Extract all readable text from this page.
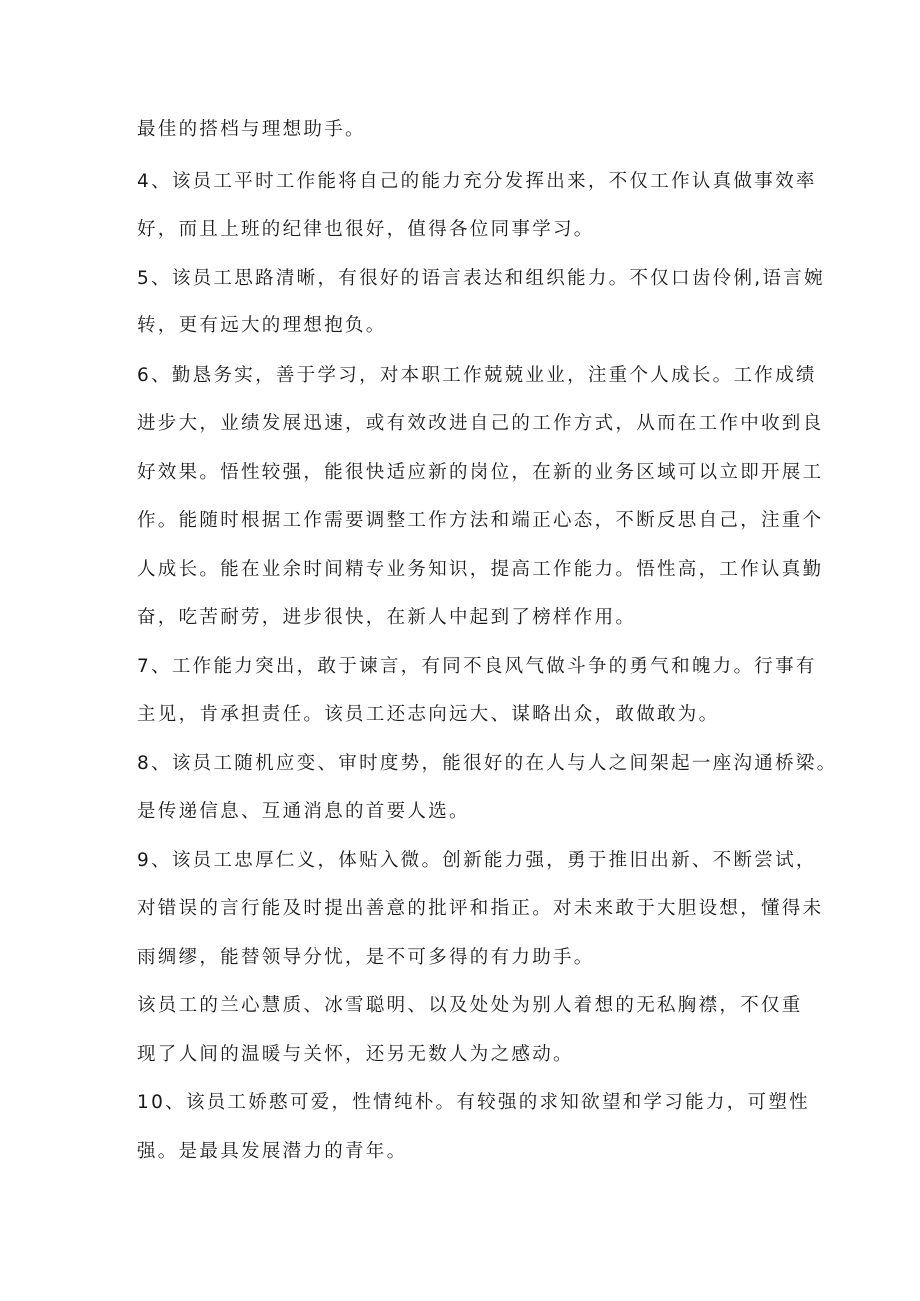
最佳的搭档与理想助手。
4、该员工平时工作能将自己的能力充分发挥出来，不仅工作认真做事效率
好，而且上班的纪律也很好，值得各位同事学习。
5、该员工思路清晰，有很好的语言表达和组织能力。不仅口齿伶俐,语言婉
转，更有远大的理想抱负。
6、勤恳务实，善于学习，对本职工作兢兢业业，注重个人成长。工作成绩
进步大，业绩发展迅速，或有效改进自己的工作方式，从而在工作中收到良
好效果。悟性较强，能很快适应新的岗位，在新的业务区域可以立即开展工
作。能随时根据工作需要调整工作方法和端正心态，不断反思自己，注重个
人成长。能在业余时间精专业务知识，提高工作能力。悟性高，工作认真勤
奋，吃苦耐劳，进步很快，在新人中起到了榜样作用。
7、工作能力突出，敢于谏言，有同不良风气做斗争的勇气和魄力。行事有
主见，肯承担责任。该员工还志向远大、谋略出众，敢做敢为。
8、该员工随机应变、审时度势，能很好的在人与人之间架起一座沟通桥梁。
是传递信息、互通消息的首要人选。
9、该员工忠厚仁义，体贴入微。创新能力强，勇于推旧出新、不断尝试，
对错误的言行能及时提出善意的批评和指正。对未来敢于大胆设想，懂得未
雨绸缪，能替领导分忧，是不可多得的有力助手。
该员工的兰心慧质、冰雪聪明、以及处处为别人着想的无私胸襟，不仅重
现了人间的温暖与关怀，还另无数人为之感动。
10、该员工娇憨可爱，性情纯朴。有较强的求知欲望和学习能力，可塑性
强。是最具发展潜力的青年。
